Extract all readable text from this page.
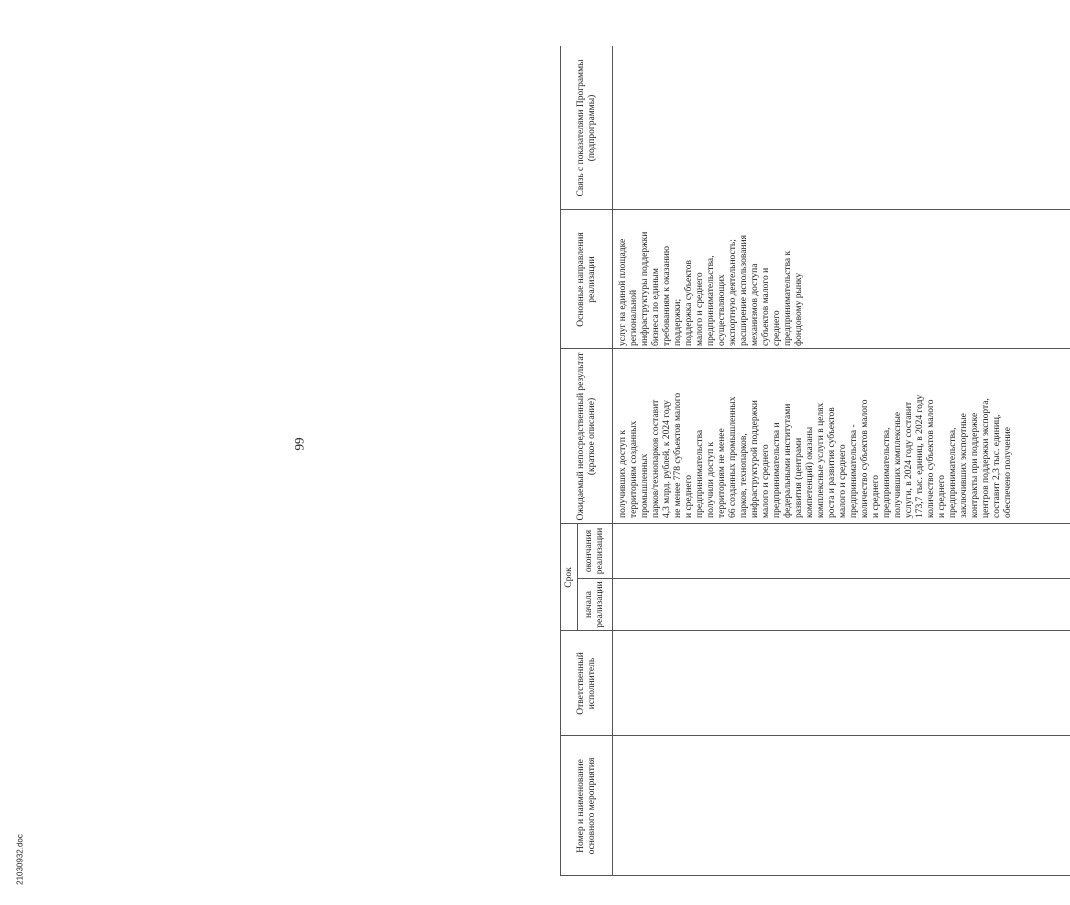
99
Номер и наименование основного мероприятия
Ответственный исполнитель
Срок
начала реализации
окончания реализации
Ожидаемый непосредственный результат (краткое описание)
Основные направления реализации
Связь с показателями Программы (подпрограммы)
получивших доступ к
территориям созданных
промышленных
парков/технопарков составит
4,3 млрд. рублей, к 2024 году
не менее 778 субъектов малого
и среднего
предпринимательства
получили доступ к
территориям не менее
66 созданных промышленных
парков, технопарков,
инфраструктурой поддержки
малого и среднего
предпринимательства и
федеральными институтами
развития (центрами
компетенций) оказаны
комплексные услуги в целях
роста и развития субъектов
малого и среднего
предпринимательства -
количество субъектов малого
и среднего
предпринимательства,
получивших комплексные
услуги, в 2024 году составит
173,7 тыс. единиц, в 2024 году
количество субъектов малого
и среднего
предпринимательства,
заключивших экспортные
контракты при поддержке
центров поддержки экспорта,
составит 2,3 тыс. единиц,
обеспечено получение
услуг на единой площадке
региональной
инфраструктуры поддержки
бизнеса по единым
требованиям к оказанию
поддержки;
поддержка субъектов
малого и среднего
предпринимательства,
осуществляющих
экспортную деятельность;
расширение использования
механизмов доступа
субъектов малого и
среднего
предпринимательства к
фондовому рынку
21030932.doc
